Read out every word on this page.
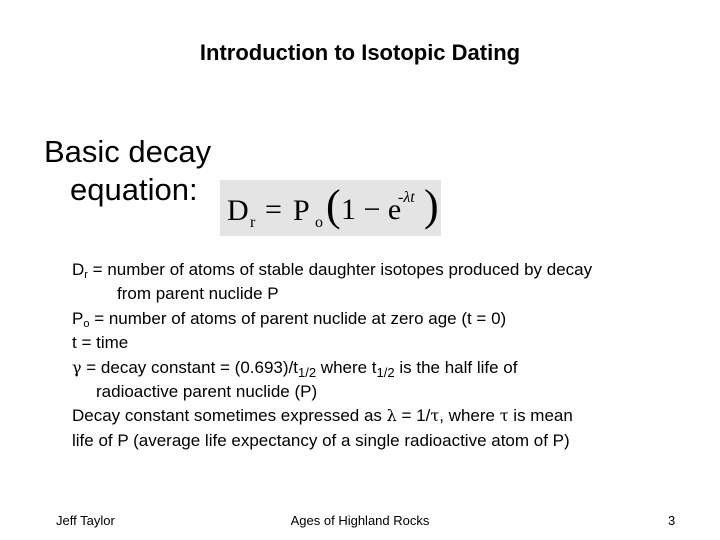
Introduction to Isotopic Dating
Basic decay
equation:
D r = P o ( 1 − e
-λt )
$D_r$ = number of atoms of stable daughter isotopes produced by decay
from parent nuclide P
$P_o$ = number of atoms of parent nuclide at zero age (t = 0)
t = time
γ = decay constant = $(0.693)/t_{1/2}$ where $t_{1/2}$ is the half life of
radioactive parent nuclide (P)
Decay constant sometimes expressed as λ = 1/τ, where τ is mean
life of P (average life expectancy of a single radioactive atom of P)
Jeff Taylor	Ages of Highland Rocks	3
